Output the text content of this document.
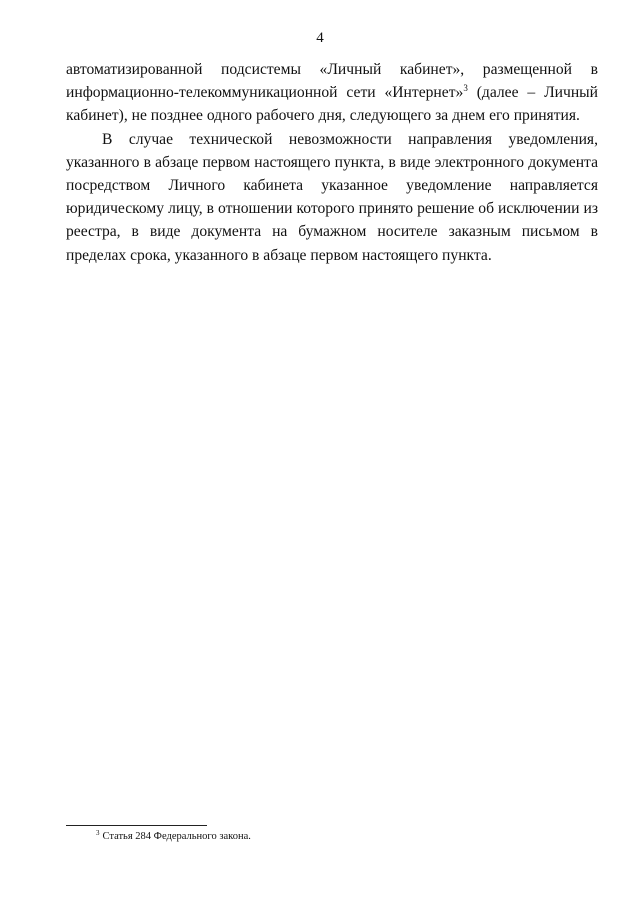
4

автоматизированной подсистемы «Личный кабинет», размещенной в информационно-телекоммуникационной сети «Интернет»$^3$ (далее – Личный кабинет), не позднее одного рабочего дня, следующего за днем его принятия.

В случае технической невозможности направления уведомления, указанного в абзаце первом настоящего пункта, в виде электронного документа посредством Личного кабинета указанное уведомление направляется юридическому лицу, в отношении которого принято решение об исключении из реестра, в виде документа на бумажном носителе заказным письмом в пределах срока, указанного в абзаце первом настоящего пункта.

$^3$ Статья 284 Федерального закона.
